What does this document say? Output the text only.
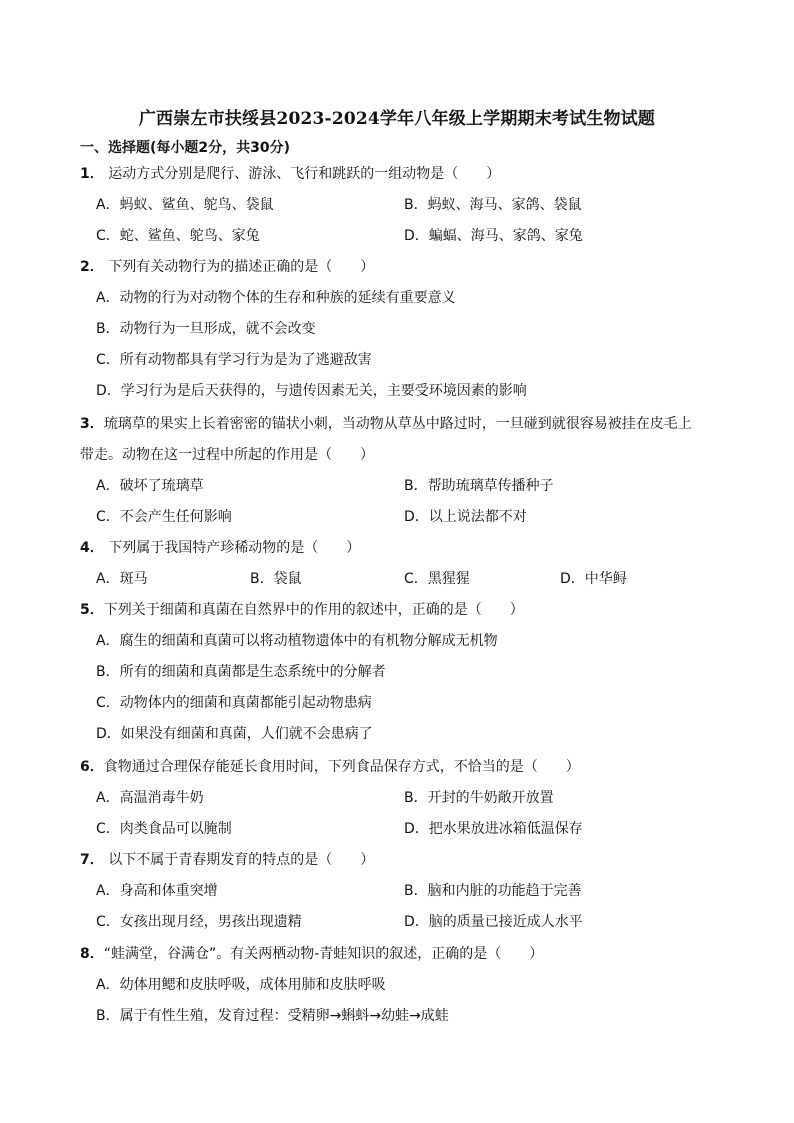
广西崇左市扶绥县2023-2024学年八年级上学期期末考试生物试题
一、选择题(每小题2分，共30分)
1． 运动方式分别是爬行、游泳、飞行和跳跃的一组动物是（　　）
A．蚂蚁、鲨鱼、鸵鸟、袋鼠	B．蚂蚁、海马、家鸽、袋鼠
C．蛇、鲨鱼、鸵鸟、家兔	D．蝙蝠、海马、家鸽、家兔
2． 下列有关动物行为的描述正确的是（　　）
A．动物的行为对动物个体的生存和种族的延续有重要意义
B．动物行为一旦形成，就不会改变
C．所有动物都具有学习行为是为了逃避敌害
D．学习行为是后天获得的，与遗传因素无关，主要受环境因素的影响
3．琉璃草的果实上长着密密的锚状小刺，当动物从草丛中路过时，一旦碰到就很容易被挂在皮毛上
带走。动物在这一过程中所起的作用是（　　）
A．破坏了琉璃草	B．帮助琉璃草传播种子
C．不会产生任何影响	D．以上说法都不对
4． 下列属于我国特产珍稀动物的是（　　）
A．斑马	B．袋鼠	C．黑猩猩	D．中华鲟
5．下列关于细菌和真菌在自然界中的作用的叙述中，正确的是（　　）
A．腐生的细菌和真菌可以将动植物遗体中的有机物分解成无机物
B．所有的细菌和真菌都是生态系统中的分解者
C．动物体内的细菌和真菌都能引起动物患病
D．如果没有细菌和真菌，人们就不会患病了
6．食物通过合理保存能延长食用时间，下列食品保存方式，不恰当的是（　　）
A．高温消毒牛奶	B．开封的牛奶敞开放置
C．肉类食品可以腌制	D．把水果放进冰箱低温保存
7． 以下不属于青春期发育的特点的是（　　）
A．身高和体重突增	B．脑和内脏的功能趋于完善
C．女孩出现月经，男孩出现遗精	D．脑的质量已接近成人水平
8．“蛙满堂，谷满仓”。有关两栖动物-青蛙知识的叙述，正确的是（　　）
A．幼体用鳃和皮肤呼吸，成体用肺和皮肤呼吸
B．属于有性生殖，发育过程：受精卵→蝌蚪→幼蛙→成蛙
